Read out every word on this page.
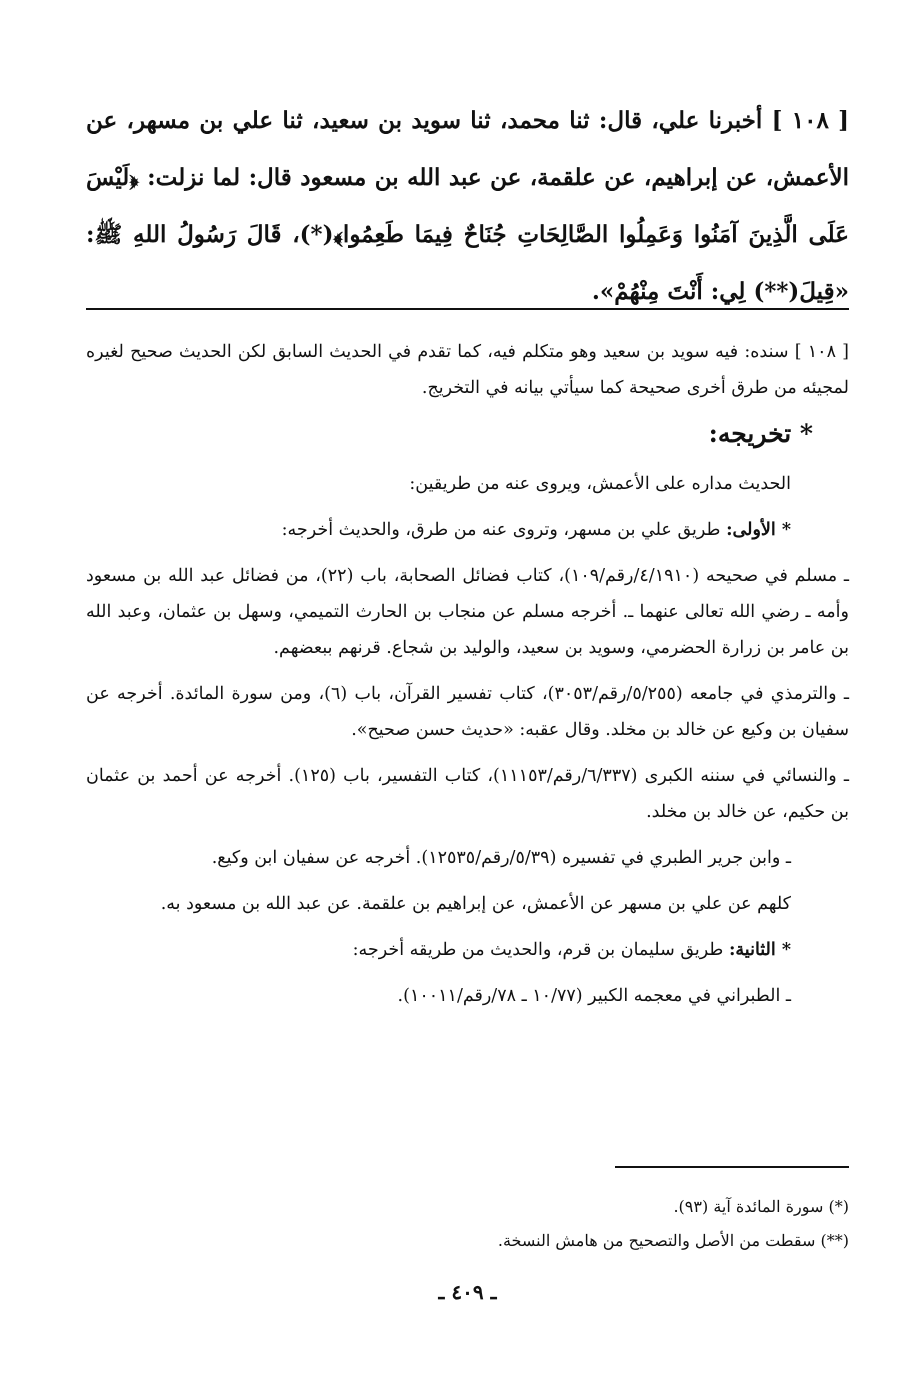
[ ١٠٨ ] أخبرنا علي، قال: ثنا محمد، ثنا سويد بن سعيد، ثنا علي بن مسهر، عن الأعمش، عن إبراهيم، عن علقمة، عن عبد الله بن مسعود قال: لما نزلت: ﴿لَيْسَ عَلَى الَّذِينَ آمَنُوا وَعَمِلُوا الصَّالِحَاتِ جُنَاحٌ فِيمَا طَعِمُوا﴾(*)، قَالَ رَسُولُ اللهِ ﷺ: «قِيلَ(**) لِي: أَنْتَ مِنْهُمْ».

[ ١٠٨ ] سنده: فيه سويد بن سعيد وهو متكلم فيه، كما تقدم في الحديث السابق لكن الحديث صحيح لغيره لمجيئه من طرق أخرى صحيحة كما سيأتي بيانه في التخريج.

* تخريجه:

الحديث مداره على الأعمش، ويروى عنه من طريقين:

* الأولى: طريق علي بن مسهر، وتروى عنه من طرق، والحديث أخرجه:

ـ مسلم في صحيحه (٤/١٩١٠/رقم/١٠٩)، كتاب فضائل الصحابة، باب (٢٢)، من فضائل عبد الله بن مسعود وأمه ـ رضي الله تعالى عنهما ـ. أخرجه مسلم عن منجاب بن الحارث التميمي، وسهل بن عثمان، وعبد الله بن عامر بن زرارة الحضرمي، وسويد بن سعيد، والوليد بن شجاع. قرنهم ببعضهم.

ـ والترمذي في جامعه (٥/٢٥٥/رقم/٣٠٥٣)، كتاب تفسير القرآن، باب (٦)، ومن سورة المائدة. أخرجه عن سفيان بن وكيع عن خالد بن مخلد. وقال عقبه: «حديث حسن صحيح».

ـ والنسائي في سننه الكبرى (٦/٣٣٧/رقم/١١١٥٣)، كتاب التفسير، باب (١٢٥). أخرجه عن أحمد بن عثمان بن حكيم، عن خالد بن مخلد.

ـ وابن جرير الطبري في تفسيره (٥/٣٩/رقم/١٢٥٣٥). أخرجه عن سفيان ابن وكيع.

كلهم عن علي بن مسهر عن الأعمش، عن إبراهيم بن علقمة. عن عبد الله بن مسعود به.

* الثانية: طريق سليمان بن قرم، والحديث من طريقه أخرجه:

ـ الطبراني في معجمه الكبير (١٠/٧٧ ـ ٧٨/رقم/١٠٠١١).

(*) سورة المائدة آية (٩٣).

(**) سقطت من الأصل والتصحيح من هامش النسخة.

ـ ٤٠٩ ـ
